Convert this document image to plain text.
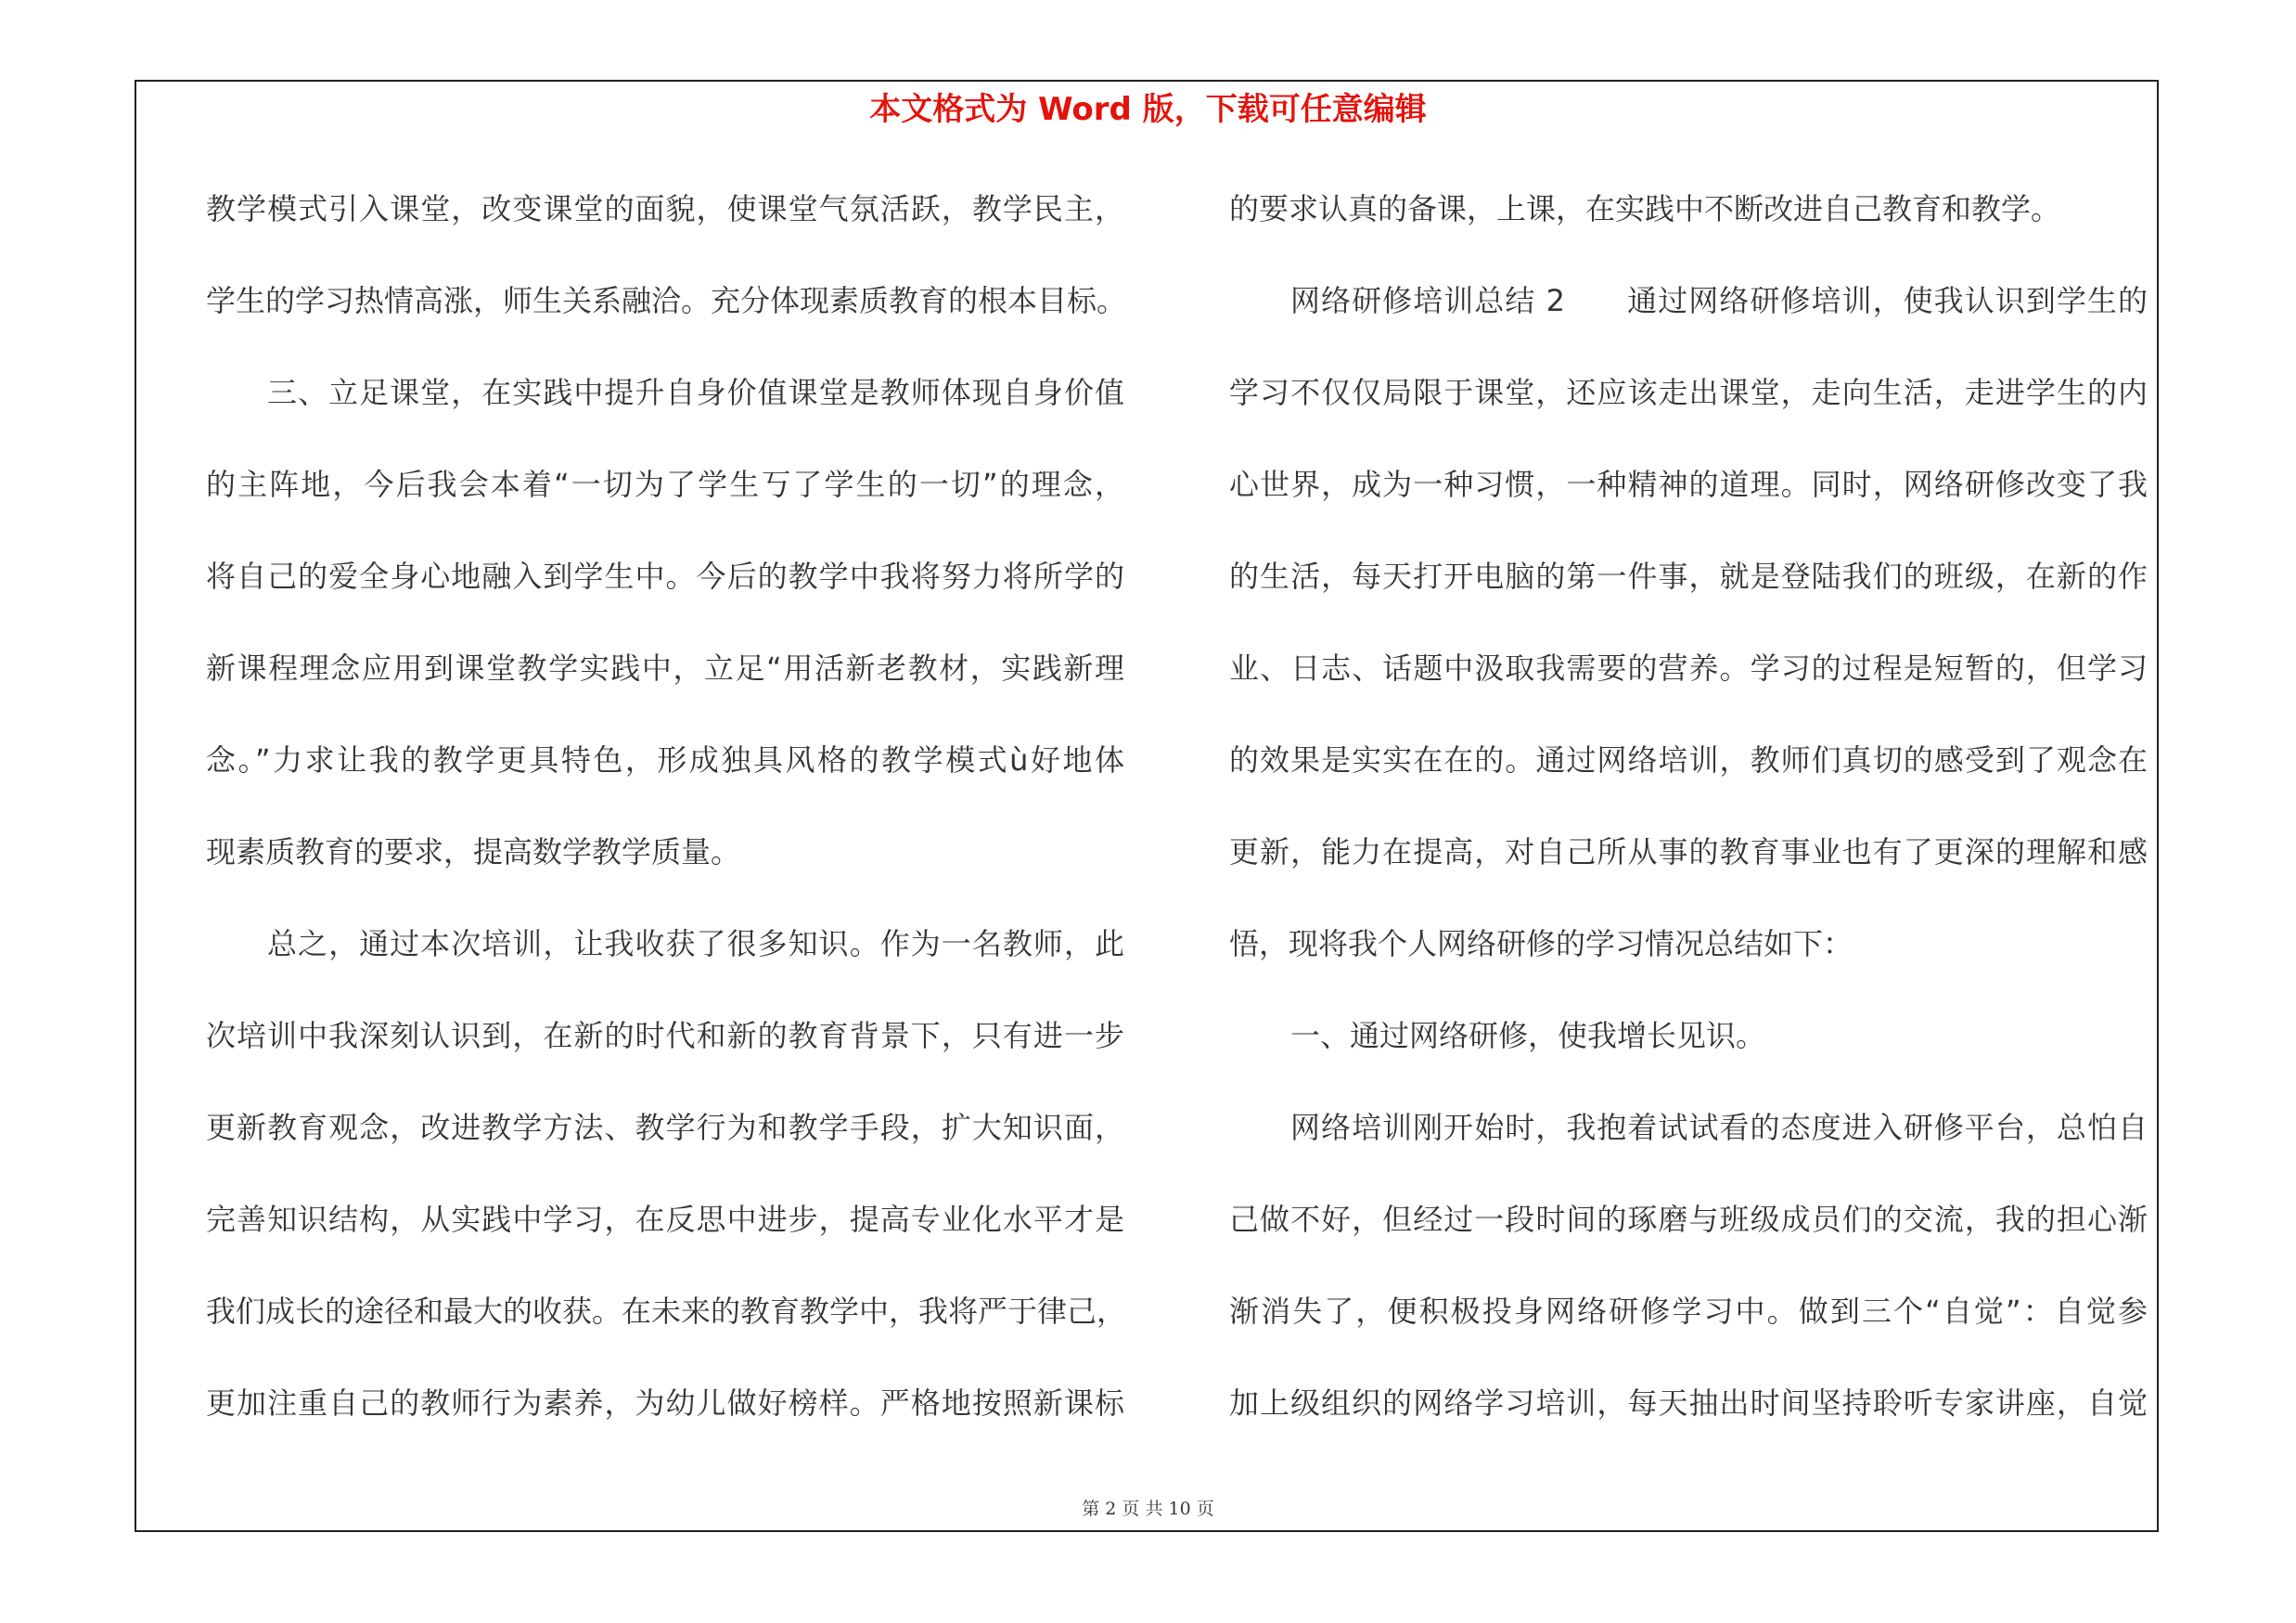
本文格式为 Word 版，下载可任意编辑
教学模式引入课堂，改变课堂的面貌，使课堂气氛活跃，教学民主，
学生的学习热情高涨，师生关系融洽。充分体现素质教育的根本目标。
三、立足课堂，在实践中提升自身价值课堂是教师体现自身价值
的主阵地，今后我会本着“一切为了学生丂了学生的一切”的理念，
将自己的爱全身心地融入到学生中。今后的教学中我将努力将所学的
新课程理念应用到课堂教学实践中，立足“用活新老教材，实践新理
念。”力求让我的教学更具特色，形成独具风格的教学模式ù好地体
现素质教育的要求，提高数学教学质量。
总之，通过本次培训，让我收获了很多知识。作为一名教师，此
次培训中我深刻认识到，在新的时代和新的教育背景下，只有进一步
更新教育观念，改进教学方法、教学行为和教学手段，扩大知识面，
完善知识结构，从实践中学习，在反思中进步，提高专业化水平才是
我们成长的途径和最大的收获。在未来的教育教学中，我将严于律己，
更加注重自己的教师行为素养，为幼儿做好榜样。严格地按照新课标
的要求认真的备课，上课，在实践中不断改进自己教育和教学。
网络研修培训总结 2　　通过网络研修培训，使我认识到学生的
学习不仅仅局限于课堂，还应该走出课堂，走向生活，走进学生的内
心世界，成为一种习惯，一种精神的道理。同时，网络研修改变了我
的生活，每天打开电脑的第一件事，就是登陆我们的班级，在新的作
业、日志、话题中汲取我需要的营养。学习的过程是短暂的，但学习
的效果是实实在在的。通过网络培训，教师们真切的感受到了观念在
更新，能力在提高，对自己所从事的教育事业也有了更深的理解和感
悟，现将我个人网络研修的学习情况总结如下：
一、通过网络研修，使我增长见识。
网络培训刚开始时，我抱着试试看的态度进入研修平台，总怕自
己做不好，但经过一段时间的琢磨与班级成员们的交流，我的担心渐
渐消失了，便积极投身网络研修学习中。做到三个“自觉”：自觉参
加上级组织的网络学习培训，每天抽出时间坚持聆听专家讲座，自觉
第 2 页 共 10 页
